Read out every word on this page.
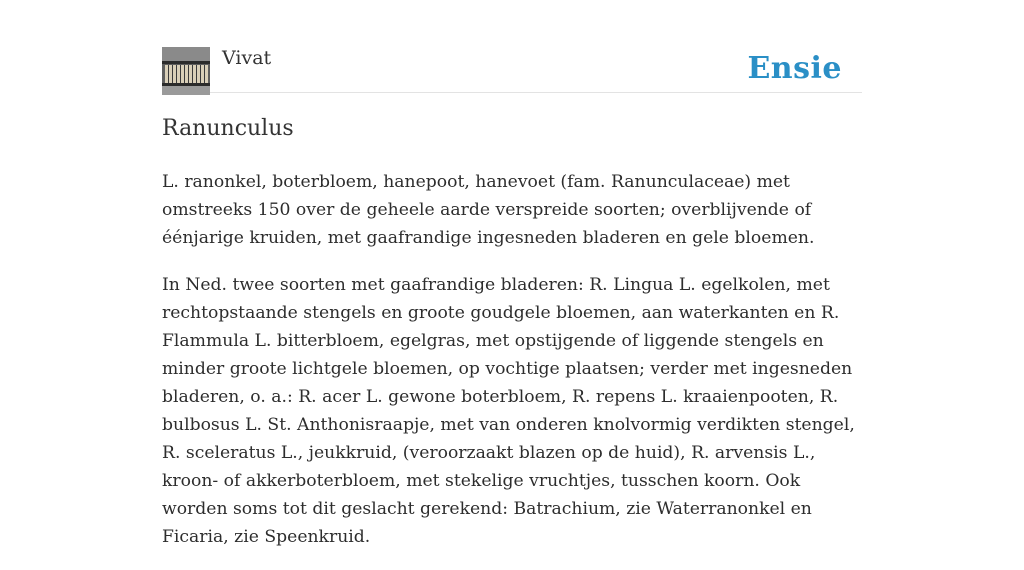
Vivat	Ensie
Ranunculus

L. ranonkel, boterbloem, hanepoot, hanevoet (fam. Ranunculaceae) met omstreeks 150 over de geheele aarde verspreide soorten; overblijvende of éénjarige kruiden, met gaafrandige ingesneden bladeren en gele bloemen.

In Ned. twee soorten met gaafrandige bladeren: R. Lingua L. egelkolen, met rechtopstaande stengels en groote goudgele bloemen, aan waterkanten en R. Flammula L. bitterbloem, egelgras, met opstijgende of liggende stengels en minder groote lichtgele bloemen, op vochtige plaatsen; verder met ingesneden bladeren, o. a.: R. acer L. gewone boterbloem, R. repens L. kraaienpooten, R. bulbosus L. St. Anthonisraapje, met van onderen knolvormig verdikten stengel, R. sceleratus L., jeukkruid, (veroorzaakt blazen op de huid), R. arvensis L., kroon- of akkerboterbloem, met stekelige vruchtjes, tusschen koorn. Ook worden soms tot dit geslacht gerekend: Batrachium, zie Waterranonkel en Ficaria, zie Speenkruid.
